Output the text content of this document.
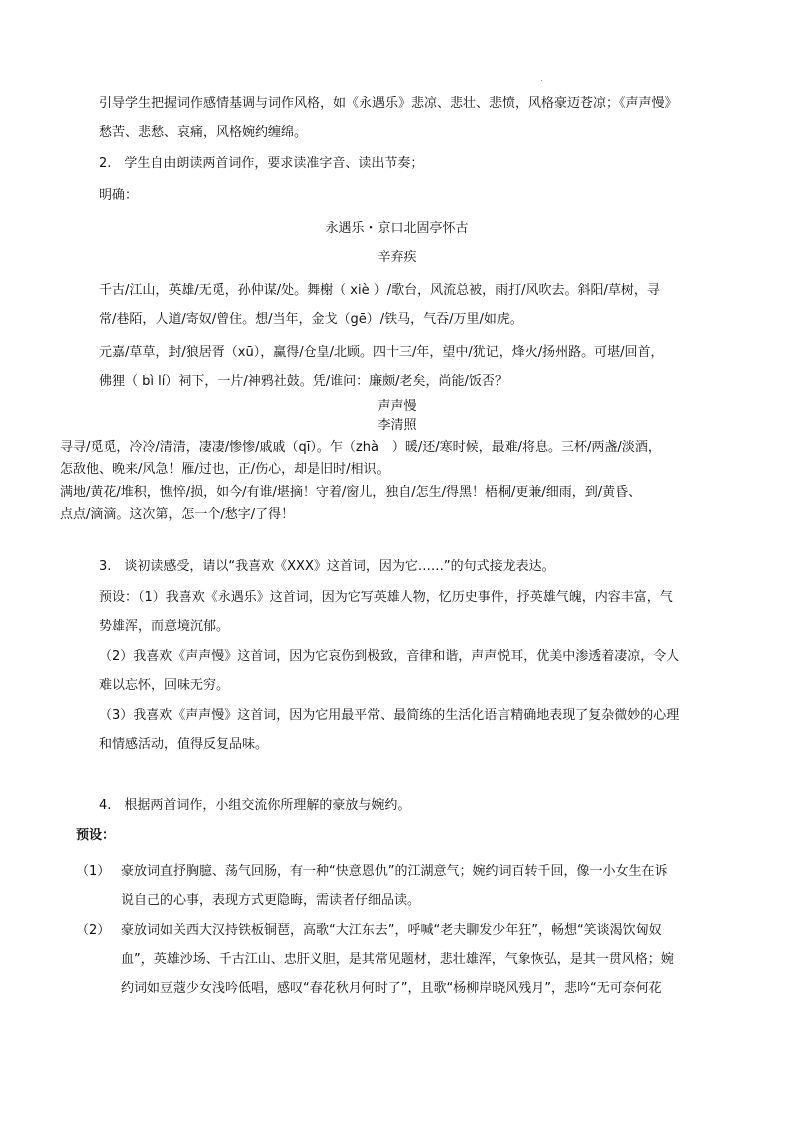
.

引导学生把握词作感情基调与词作风格，如《永遇乐》悲凉、悲壮、悲愤，风格豪迈苍凉；《声声慢》
愁苦、悲愁、哀痛，风格婉约缠绵。

2.　学生自由朗读两首词作，要求读准字音、读出节奏；

明确：

永遇乐・京口北固亭怀古

辛弃疾

千古/江山，英雄/无觅，孙仲谋/处。舞榭（ xiè ）/歌台，风流总被，雨打/风吹去。斜阳/草树，寻
常/巷陌，人道/寄奴/曾住。想/当年，金戈（gē）/铁马，气吞/万里/如虎。

元嘉/草草，封/狼居胥（xū），赢得/仓皇/北顾。四十三/年，望中/犹记，烽火/扬州路。可堪/回首，
佛狸（ bì lí）祠下，一片/神鸦社鼓。凭/谁问：廉颇/老矣，尚能/饭否？

声声慢

李清照

寻寻/觅觅，冷冷/清清，凄凄/惨惨/戚戚（qī）。乍（zhà　）暖/还/寒时候，最难/将息。三杯/两盏/淡酒，
怎敌他、晚来/风急！雁/过也，正/伤心，却是旧时/相识。

满地/黄花/堆积，憔悴/损，如今/有谁/堪摘！守着/窗儿，独自/怎生/得黑！梧桐/更兼/细雨，到/黄昏、
点点/滴滴。这次第，怎一个/愁字/了得！

3.　谈初读感受，请以“我喜欢《XXX》这首词，因为它……”的句式接龙表达。

预设：（1）我喜欢《永遇乐》这首词，因为它写英雄人物，忆历史事件，抒英雄气魄，内容丰富，气
势雄浑，而意境沉郁。

（2）我喜欢《声声慢》这首词，因为它哀伤到极致，音律和谐，声声悦耳，优美中渗透着凄凉，令人
难以忘怀，回味无穷。

（3）我喜欢《声声慢》这首词，因为它用最平常、最简练的生活化语言精确地表现了复杂微妙的心理
和情感活动，值得反复品味。

4.　根据两首词作，小组交流你所理解的豪放与婉约。

预设：

（1） 豪放词直抒胸臆、荡气回肠，有一种“快意恩仇”的江湖意气；婉约词百转千回，像一小女生在诉
说自己的心事，表现方式更隐晦，需读者仔细品读。

（2） 豪放词如关西大汉持铁板铜琶，高歌“大江东去”，呼喊“老夫聊发少年狂”，畅想“笑谈渴饮匈奴
血”，英雄沙场、千古江山、忠肝义胆，是其常见题材，悲壮雄浑，气象恢弘，是其一贯风格；婉
约词如豆蔻少女浅吟低唱，感叹“春花秋月何时了”，且歌“杨柳岸晓风残月”，悲吟“无可奈何花
